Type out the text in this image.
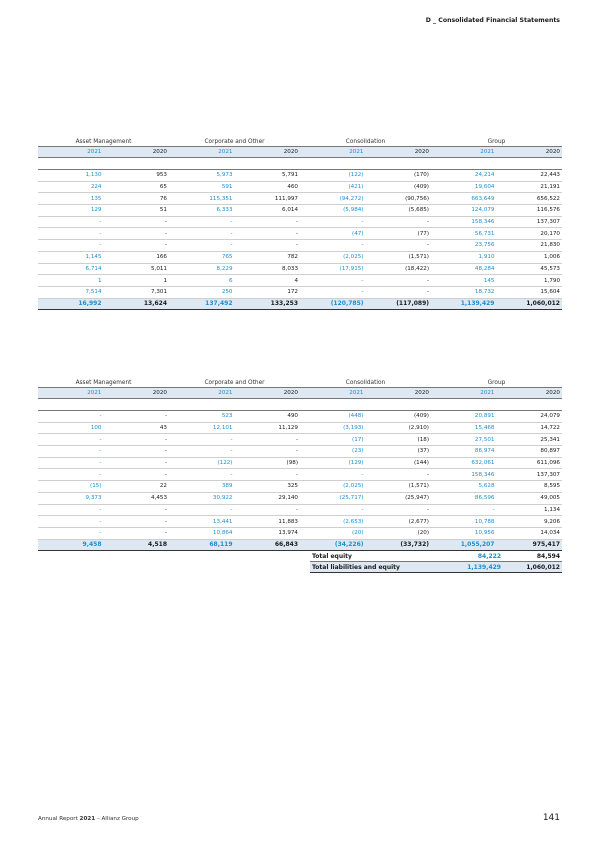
D _ Consolidated Financial Statements
Asset Management		Corporate and Other		Consolidation		Group	
2021	2020	2021	2020	2021	2020	2021	2020

1,130	953	5,973	5,791	(122)	(170)	24,214	22,443
224	65	591	460	(421)	(409)	19,604	21,191
135	76	115,351	111,997	(94,272)	(90,756)	663,649	656,522
129	51	6,333	6,014	(5,984)	(5,685)	124,079	116,576
-	-	-	-	-	-	158,346	137,307
-	-	-	-	(47)	(77)	56,731	20,170
-	-	-	-	-	-	23,756	21,830
1,145	166	765	782	(2,025)	(1,571)	1,910	1,006
6,714	5,011	8,229	8,033	(17,915)	(18,422)	48,284	45,573
1	1	6	4	-	-	145	1,790
7,514	7,301	250	172	-	-	18,732	15,604
16,992	13,624	137,492	133,253	(120,785)	(117,089)	1,139,429	1,060,012
Asset Management		Corporate and Other		Consolidation		Group	
2021	2020	2021	2020	2021	2020	2021	2020

-	-	523	490	(448)	(409)	20,891	24,079
100	43	12,101	11,129	(3,193)	(2,910)	15,468	14,722
-	-	-	-	(17)	(18)	27,501	25,341
-	-	-	-	(23)	(37)	86,974	80,897
-	-	(122)	(98)	(129)	(144)	632,061	611,096
-	-	-	-	-	-	158,346	137,307
(15)	22	389	325	(2,025)	(1,571)	5,628	8,595
9,373	4,453	30,922	29,140	(25,717)	(25,947)	86,596	49,005
-	-	-	-	-	-	-	1,134
-	-	13,441	11,883	(2,653)	(2,677)	10,788	9,206
-	-	10,864	13,974	(20)	(20)	10,956	14,034
9,458	4,518	68,119	66,843	(34,226)	(33,732)	1,055,207	975,417
Total equity	84,222	84,594
Total liabilities and equity	1,139,429	1,060,012
Annual Report 2021 – Allianz Group	141
